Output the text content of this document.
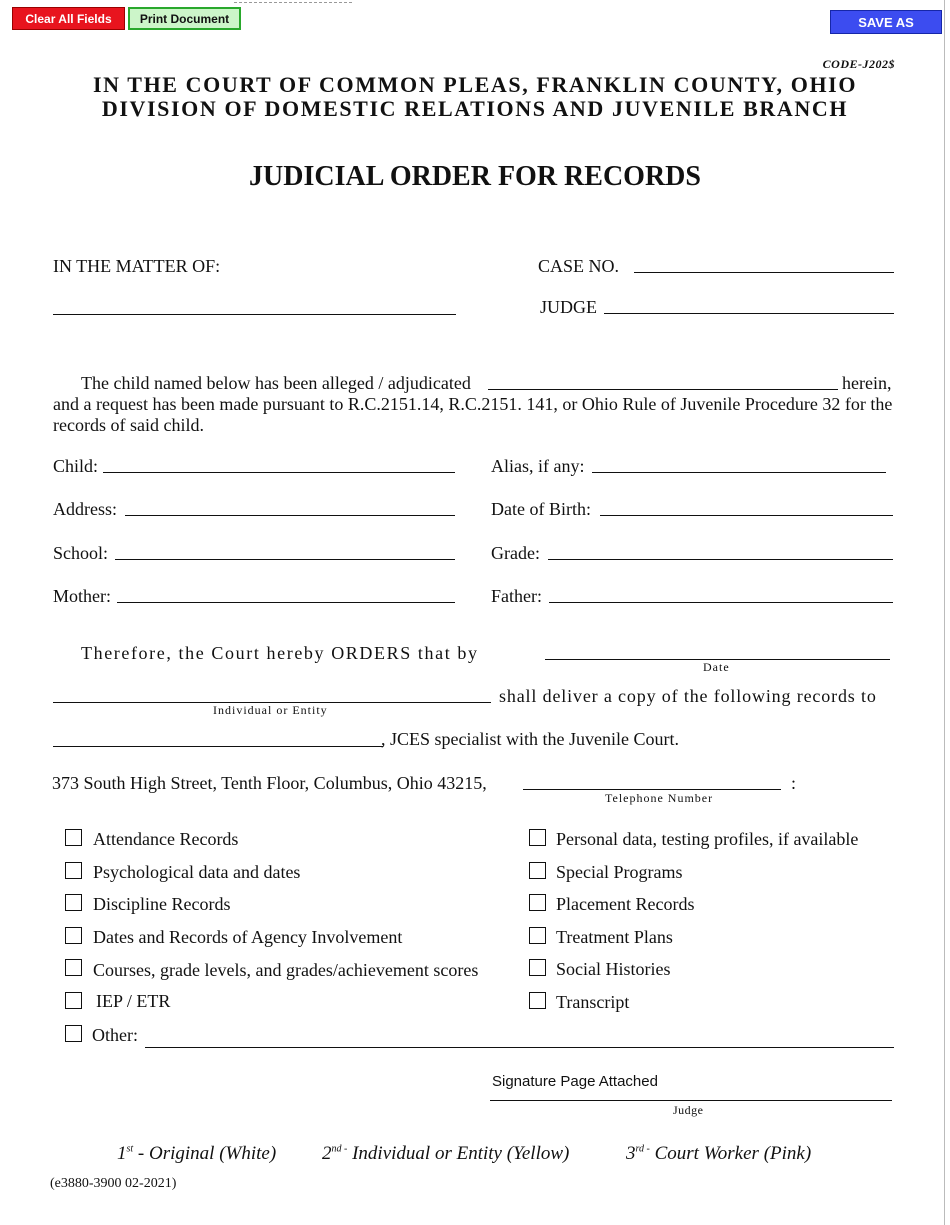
Clear All Fields	Print Document	SAVE AS
CODE-J202$
IN THE COURT OF COMMON PLEAS, FRANKLIN COUNTY, OHIO
DIVISION OF DOMESTIC RELATIONS AND JUVENILE BRANCH
JUDICIAL ORDER FOR RECORDS
IN THE MATTER OF:	CASE NO.
JUDGE
The child named below has been alleged / adjudicated	herein,
and a request has been made pursuant to R.C.2151.14, R.C.2151. 141, or Ohio Rule of Juvenile Procedure 32 for the records of said child.
Child:	Alias, if any:
Address:	Date of Birth:
School:	Grade:
Mother:	Father:
Therefore, the Court hereby ORDERS that by
Date
Individual or Entity
shall deliver a copy of the following records to
, JCES specialist with the Juvenile Court.
373 South High Street, Tenth Floor, Columbus, Ohio 43215,
Telephone Number
:
Attendance Records
Psychological data and dates
Discipline Records
Dates and Records of Agency Involvement
Courses, grade levels, and grades/achievement scores
IEP / ETR
Personal data, testing profiles, if available
Special Programs
Placement Records
Treatment Plans
Social Histories
Transcript
Other:
Signature Page Attached
Judge
1st - Original (White) $2^{nd -}$ Individual or Entity (Yellow)	$3^{rd -}$ Court Worker (Pink)
(e3880-3900 02-2021)
